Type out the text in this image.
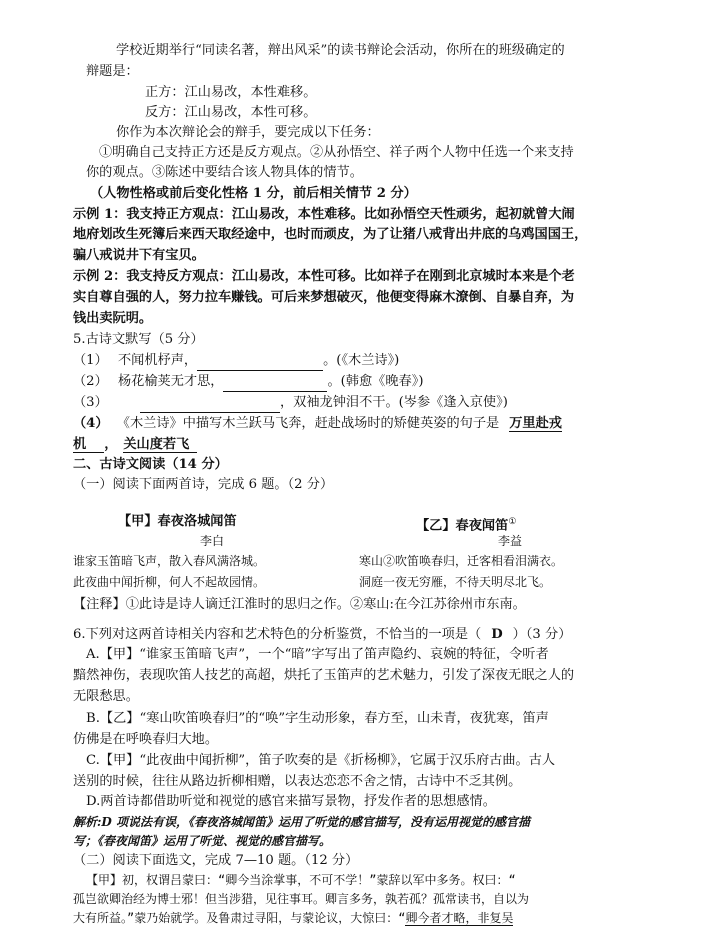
学校近期举行“同读名著，辩出风采”的读书辩论会活动，你所在的班级确定的
辩题是：
正方：江山易改，本性难移。
反方：江山易改，本性可移。
你作为本次辩论会的辩手，要完成以下任务：
①明确自己支持正方还是反方观点。②从孙悟空、祥子两个人物中任选一个来支持
你的观点。③陈述中要结合该人物具体的情节。
（人物性格或前后变化性格 1 分，前后相关情节 2 分）
示例 1：我支持正方观点：江山易改，本性难移。比如孙悟空天性顽劣，起初就曾大闹
地府划改生死簿后来西天取经途中，也时而顽皮，为了让猪八戒背出井底的乌鸡国国王，
骗八戒说井下有宝贝。
示例 2：我支持反方观点：江山易改，本性可移。比如祥子在刚到北京城时本来是个老
实自尊自强的人，努力拉车赚钱。可后来梦想破灭，他便变得麻木潦倒、自暴自弃，为
钱出卖阮明。
5.古诗文默写（5 分）
（1） 不闻机杼声，	。(《木兰诗》)
（2） 杨花榆荚无才思，	。(韩愈《晚春》)
（3）	，双袖龙钟泪不干。(岑参《逢入京使》)
（4） 《木兰诗》中描写木兰跃马飞奔，赶赴战场时的矫健英姿的句子是 万里赴戎
机 ， 关山度若飞
二、古诗文阅读（14 分）
（一）阅读下面两首诗，完成 6 题。（2 分）
【甲】春夜洛城闻笛
李白
谁家玉笛暗飞声，散入春风满洛城。
此夜曲中闻折柳，何人不起故园情。
【乙】春夜闻笛①
李益
寒山②吹笛唤春归，迁客相看泪满衣。
洞庭一夜无穷雁，不待天明尽北飞。
【注释】①此诗是诗人谪迁江淮时的思归之作。②寒山:在今江苏徐州市东南。
6.下列对这两首诗相关内容和艺术特色的分析鉴赏，不恰当的一项是（ D ）（3 分）
A.【甲】“谁家玉笛暗飞声”，一个“暗”字写出了笛声隐约、哀婉的特征，令听者
黯然神伤，表现吹笛人技艺的高超，烘托了玉笛声的艺术魅力，引发了深夜无眠之人的
无限愁思。
B.【乙】“寒山吹笛唤春归”的“唤”字生动形象，春方至，山未青，夜犹寒，笛声
仿佛是在呼唤春归大地。
C.【甲】“此夜曲中闻折柳”，笛子吹奏的是《折杨柳》，它属于汉乐府古曲。古人
送别的时候，往往从路边折柳相赠，以表达恋恋不舍之情，古诗中不乏其例。
D.两首诗都借助听觉和视觉的感官来描写景物，抒发作者的思想感情。
解析:D 项说法有误，《春夜洛城闻笛》运用了听觉的感官描写，没有运用视觉的感官描
写；《春夜闻笛》运用了听觉、视觉的感官描写。
（二）阅读下面选文，完成 7—10 题。（12 分）
【甲】初，权谓吕蒙曰：“卿今当涂掌事，不可不学！”蒙辞以军中多务。权曰：“
孤岂欲卿治经为博士邪！但当涉猎，见往事耳。卿言多务，孰若孤？孤常读书，自以为
大有所益。”蒙乃始就学。及鲁肃过寻阳，与蒙论议，大惊曰：“卿今者才略，非复吴
